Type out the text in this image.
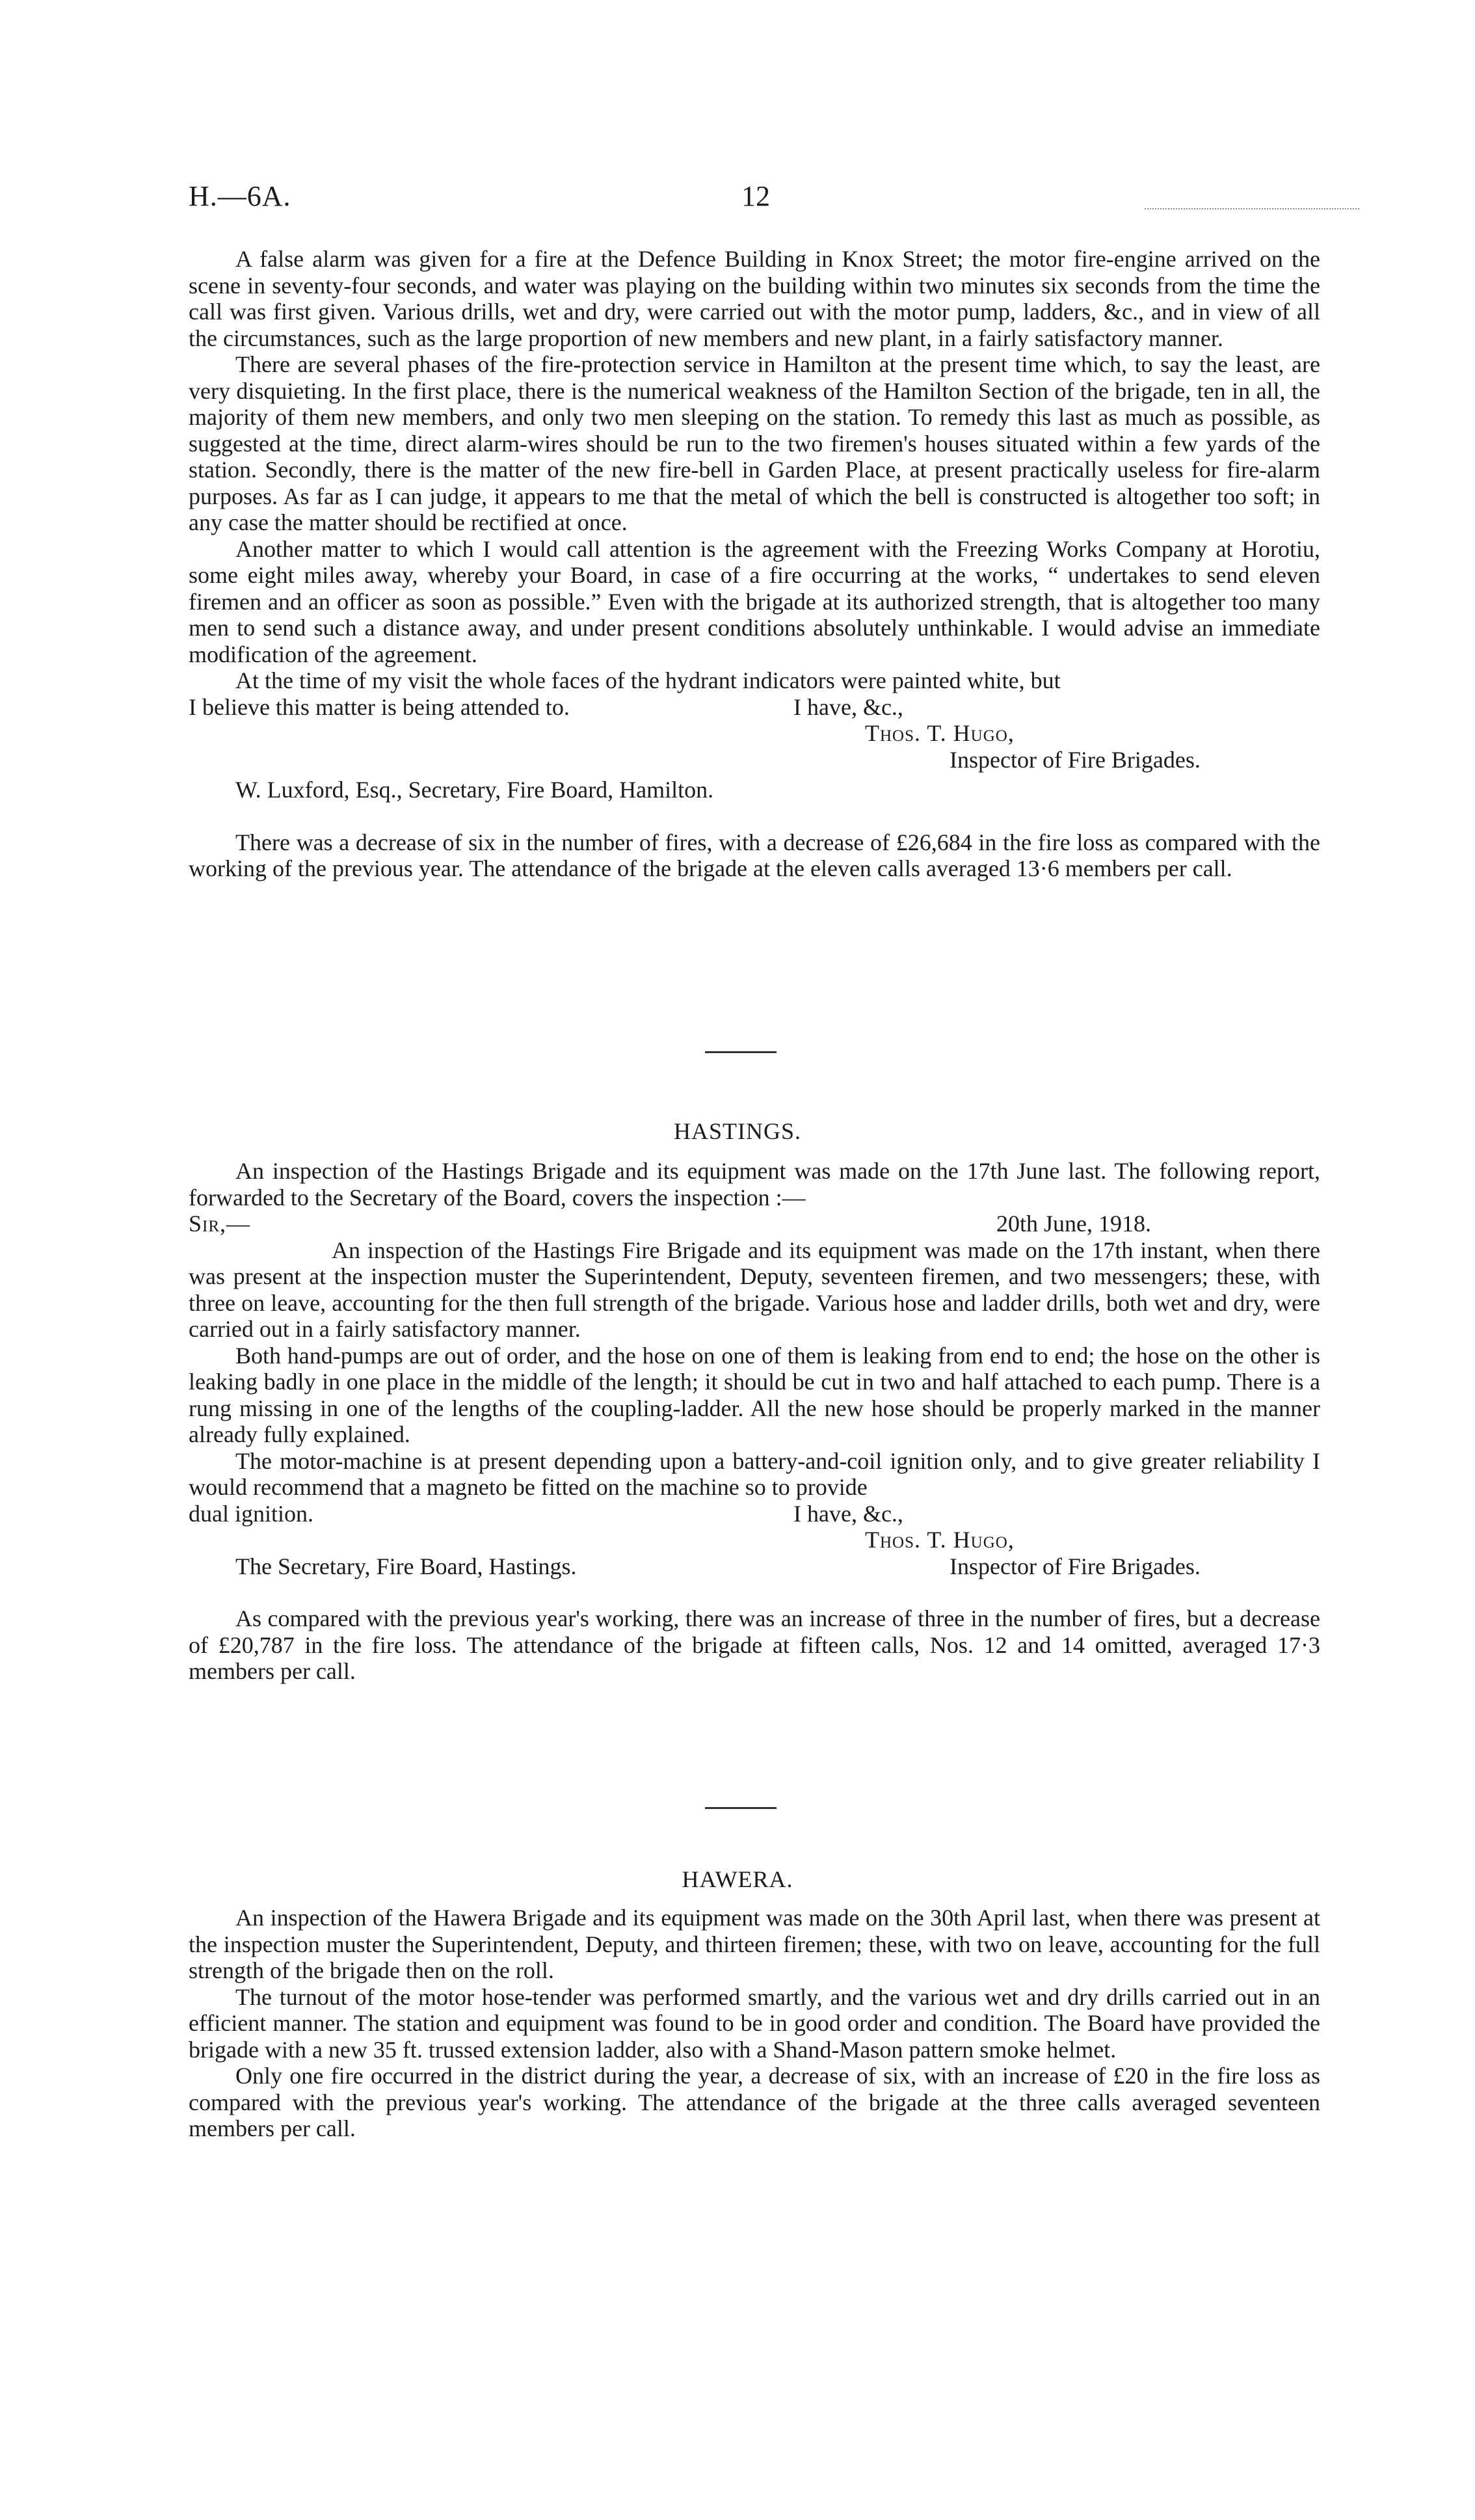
H.—6A.	12

A false alarm was given for a fire at the Defence Building in Knox Street; the motor fire-engine arrived on the scene in seventy-four seconds, and water was playing on the building within two minutes six seconds from the time the call was first given. Various drills, wet and dry, were carried out with the motor pump, ladders, &c., and in view of all the circumstances, such as the large proportion of new members and new plant, in a fairly satisfactory manner.

There are several phases of the fire-protection service in Hamilton at the present time which, to say the least, are very disquieting. In the first place, there is the numerical weakness of the Hamilton Section of the brigade, ten in all, the majority of them new members, and only two men sleeping on the station. To remedy this last as much as possible, as suggested at the time, direct alarm-wires should be run to the two firemen's houses situated within a few yards of the station. Secondly, there is the matter of the new fire-bell in Garden Place, at present practically useless for fire-alarm purposes. As far as I can judge, it appears to me that the metal of which the bell is constructed is altogether too soft; in any case the matter should be rectified at once.

Another matter to which I would call attention is the agreement with the Freezing Works Company at Horotiu, some eight miles away, whereby your Board, in case of a fire occurring at the works, “ undertakes to send eleven firemen and an officer as soon as possible.” Even with the brigade at its authorized strength, that is altogether too many men to send such a distance away, and under present conditions absolutely unthinkable. I would advise an immediate modification of the agreement.

At the time of my visit the whole faces of the hydrant indicators were painted white, but

I believe this matter is being attended to.	I have, &c.,
Thos. T. Hugo,
Inspector of Fire Brigades.
W. Luxford, Esq., Secretary, Fire Board, Hamilton.

There was a decrease of six in the number of fires, with a decrease of £26,684 in the fire loss as compared with the working of the previous year. The attendance of the brigade at the eleven calls averaged 13·6 members per call.

HASTINGS.

An inspection of the Hastings Brigade and its equipment was made on the 17th June last. The following report, forwarded to the Secretary of the Board, covers the inspection :—

Sir,—	20th June, 1918.

An inspection of the Hastings Fire Brigade and its equipment was made on the 17th instant, when there was present at the inspection muster the Superintendent, Deputy, seventeen firemen, and two messengers; these, with three on leave, accounting for the then full strength of the brigade. Various hose and ladder drills, both wet and dry, were carried out in a fairly satisfactory manner.

Both hand-pumps are out of order, and the hose on one of them is leaking from end to end; the hose on the other is leaking badly in one place in the middle of the length; it should be cut in two and half attached to each pump. There is a rung missing in one of the lengths of the coupling-ladder. All the new hose should be properly marked in the manner already fully explained.

The motor-machine is at present depending upon a battery-and-coil ignition only, and to give greater reliability I would recommend that a magneto be fitted on the machine so to provide

dual ignition.	I have, &c.,
Thos. T. Hugo,
The Secretary, Fire Board, Hastings.	Inspector of Fire Brigades.

As compared with the previous year's working, there was an increase of three in the number of fires, but a decrease of £20,787 in the fire loss. The attendance of the brigade at fifteen calls, Nos. 12 and 14 omitted, averaged 17·3 members per call.

HAWERA.

An inspection of the Hawera Brigade and its equipment was made on the 30th April last, when there was present at the inspection muster the Superintendent, Deputy, and thirteen firemen; these, with two on leave, accounting for the full strength of the brigade then on the roll.

The turnout of the motor hose-tender was performed smartly, and the various wet and dry drills carried out in an efficient manner. The station and equipment was found to be in good order and condition. The Board have provided the brigade with a new 35 ft. trussed extension ladder, also with a Shand-Mason pattern smoke helmet.

Only one fire occurred in the district during the year, a decrease of six, with an increase of £20 in the fire loss as compared with the previous year's working. The attendance of the brigade at the three calls averaged seventeen members per call.
